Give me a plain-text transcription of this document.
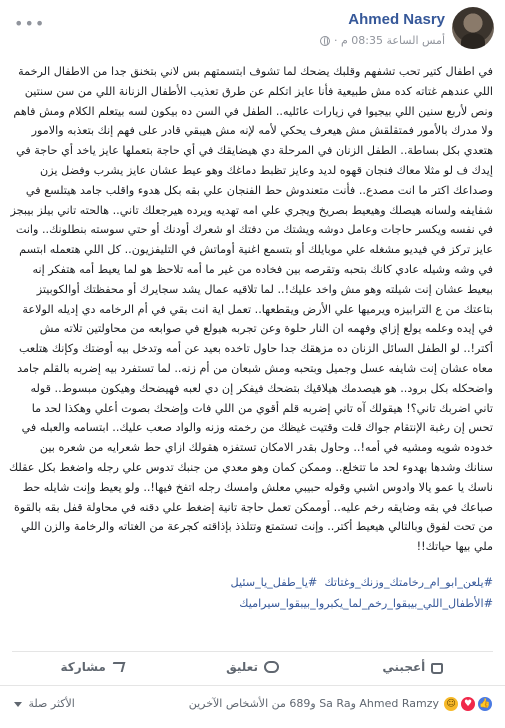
Ahmed Nasry
أمس الساعة 08:35 م ·
•••
في اطفال كتير تحب تشفهم وقلبك يضحك لما تشوف ابتسمتهم بس لاني بتخنق جدا من الاطفال الرخمة اللي عندهم غتاته كده مش طبيعية فأنا عايز اتكلم عن طرق تعذيب الأطفال الزنانة اللي من سن سنتين ونص لأربع سنين اللي بيجيوا في زيارات عائليه.. الطفل في السن ده بيكون لسه بيتعلم الكلام ومش فاهم ولا مدرك بالأمور فمتقلقش مش هيعرف يحكي لأمه لإنه مش هيبقي قادر على فهم إنك بتعذبه والامور هتعدي بكل بساطة.. الطفل الزنان في المرحلة دي هيضايقك في أي حاجة بتعملها عايز ياخد أي حاجة في إيدك ف لو مثلا معاك فنجان قهوه لديد وعايز تظبط دماغك وهو عيط عشان عايز يشرب وفضل يزن وصداعك اكتر ما انت مصدع.. فأنت متعندوش حط الفنجان علي بقه بكل هدوء واقلب جامد هيتلسع في شفايفه ولسانه هيصلك وهيعيط بصريخ ويجري علي امه تهديه ويرده هيرجعلك تاني.. هالحته تاني بيلز بيبجز في نفسه ويكسر حاجات وعامل دوشه ويشتك من دفتك او شعرك أودنك أو حتي سوسته بنطلونك.. وانت عايز تركز في فيديو مشغله علي موبايلك أو بتسمع اغنية أوماتش في التليفزيون.. كل اللي هتعمله ابتسم في وشه وشيله عادي كانك بتحبه وتقرصه بين فخاده من غير ما أمه تلاحظ هو لما يعيط أمه هتفكر إنه بيعيط عشان إنت شيلته وهو مش واخد عليك!.. لما تلاقيه عمال يشد سجايرك أو محفظتك أوالكوبيتز بتاعتك من ع الترابيزه ويرميها علي الأرض ويقطعها.. تعمل اية انت بقي في أم الرخامه دي إديله الولاعة في إيده وعلمه يولع إزاي وفهمه ان النار حلوة وعن تجربه هيولع في صوابعه من محاولتين تلاته مش أكتر!.. لو الطفل السائل الزنان ده مزهقك جدا حاول تاخده بعيد عن أمه وتدخل بيه أوضتك وكإنك هتلعب معاه عشان إنت شايفه عسل وجميل وبتحبه ومش شبعان من أم زنه.. لما تستفرد بيه إضربه بالقلم جامد واضحكله بكل برود.. هو هيصدمك هيلاقيك بتضحك فيفكر إن دي لعبه فهيضحك وهيكون مبسوط.. قوله تاني اضربك تاني؟! هيقولك آه تاني إضربه قلم أقوي من اللي فات وإضحك بصوت أعلي وهكذا لحد ما تحس إن رغبة الإنتقام جواك قلت وقتيت غيظك من رخمته وزنه والواد صعب عليك.. ابتسامه والعبله في خدوده شويه ومشيه في أمه!.. وحاول بقدر الامكان تستفزه هقولك ازاي حط شعرايه من شعره بين سنانك وشدها بهدوء لحد ما تتخلع.. وممكن كمان وهو معدي من جنبك تدوس علي رجله واضغط بكل عقلك ناسك يا عمو يالا وادوس اشبي وقوله حبيبي معلش وامسك رجله اتفخ فيها!.. ولو يعيط وإنت شايله حط صباعك في بقه وضايقه رخم عليه.. أوممكن تعمل حاجة تانية إضغط علي دقنه في محاولة قفل بقه بالقوة من تحت لفوق وبالتالي هيعيط أكتر.. وإنت تستمتع وتتلذذ بإذاقته كجرعة من الغتاته والرخامة والزن اللي ملي بيها حياتك!!
#يلعن_ابو_ام_رخامتك_وزنك_وغتاتك  #يا_طفل_يا_سئيل
#الأطفال_اللي_بيبقوا_رخم_لما_يكبروا_بيبقوا_سيراميك
أعجبني
تعليق
مشاركة
👍
♥
☺
Ahmed Ramzy وSa Ra و689 من الأشخاص الآخرين
الأكثر صلة
